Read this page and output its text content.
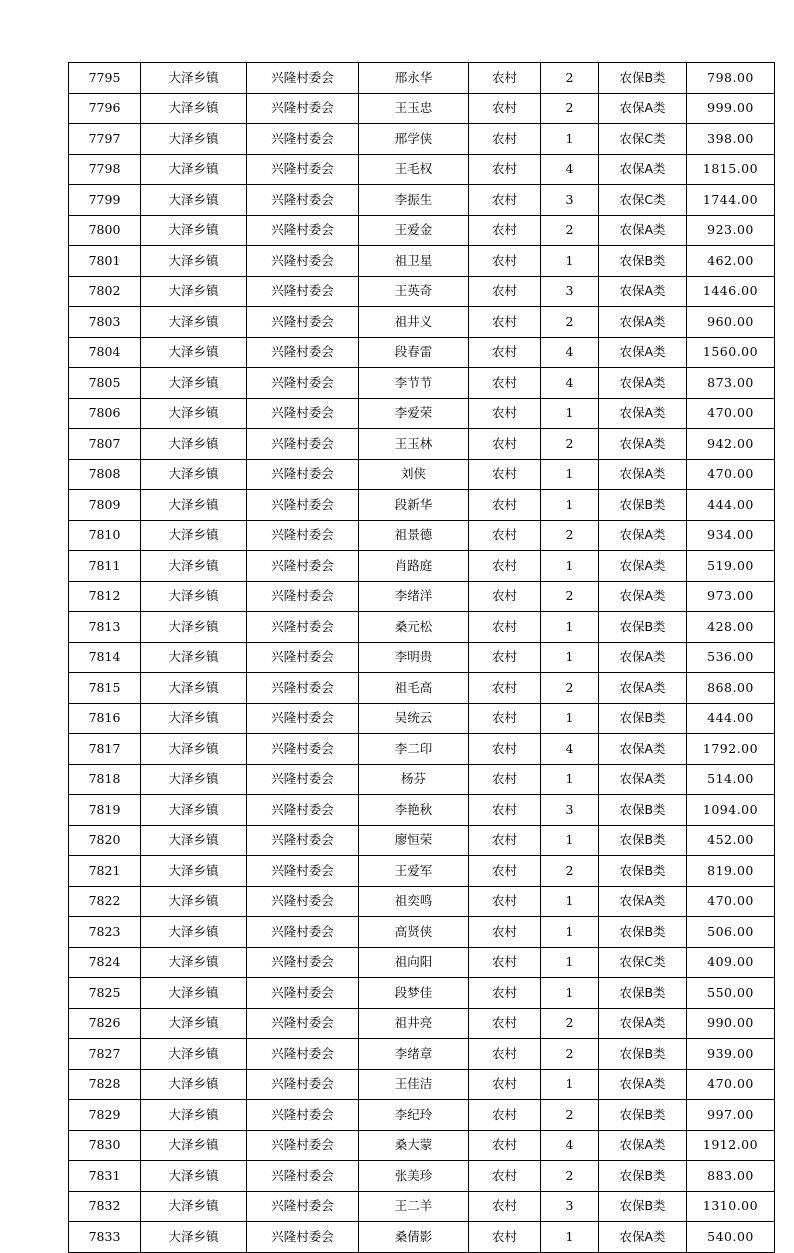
7795	大泽乡镇	兴隆村委会	邢永华	农村	2	农保B类	798.00
7796	大泽乡镇	兴隆村委会	王玉忠	农村	2	农保A类	999.00
7797	大泽乡镇	兴隆村委会	邢学侠	农村	1	农保C类	398.00
7798	大泽乡镇	兴隆村委会	王毛权	农村	4	农保A类	1815.00
7799	大泽乡镇	兴隆村委会	李振生	农村	3	农保C类	1744.00
7800	大泽乡镇	兴隆村委会	王爱金	农村	2	农保A类	923.00
7801	大泽乡镇	兴隆村委会	祖卫星	农村	1	农保B类	462.00
7802	大泽乡镇	兴隆村委会	王英奇	农村	3	农保A类	1446.00
7803	大泽乡镇	兴隆村委会	祖井义	农村	2	农保A类	960.00
7804	大泽乡镇	兴隆村委会	段春雷	农村	4	农保A类	1560.00
7805	大泽乡镇	兴隆村委会	李节节	农村	4	农保A类	873.00
7806	大泽乡镇	兴隆村委会	李爱荣	农村	1	农保A类	470.00
7807	大泽乡镇	兴隆村委会	王玉林	农村	2	农保A类	942.00
7808	大泽乡镇	兴隆村委会	刘侠	农村	1	农保A类	470.00
7809	大泽乡镇	兴隆村委会	段新华	农村	1	农保B类	444.00
7810	大泽乡镇	兴隆村委会	祖景德	农村	2	农保A类	934.00
7811	大泽乡镇	兴隆村委会	肖路庭	农村	1	农保A类	519.00
7812	大泽乡镇	兴隆村委会	李绪洋	农村	2	农保A类	973.00
7813	大泽乡镇	兴隆村委会	桑元松	农村	1	农保B类	428.00
7814	大泽乡镇	兴隆村委会	李明贵	农村	1	农保A类	536.00
7815	大泽乡镇	兴隆村委会	祖毛高	农村	2	农保A类	868.00
7816	大泽乡镇	兴隆村委会	吴统云	农村	1	农保B类	444.00
7817	大泽乡镇	兴隆村委会	李二印	农村	4	农保A类	1792.00
7818	大泽乡镇	兴隆村委会	杨芬	农村	1	农保A类	514.00
7819	大泽乡镇	兴隆村委会	李艳秋	农村	3	农保B类	1094.00
7820	大泽乡镇	兴隆村委会	廖恒荣	农村	1	农保B类	452.00
7821	大泽乡镇	兴隆村委会	王爱军	农村	2	农保B类	819.00
7822	大泽乡镇	兴隆村委会	祖奕鸣	农村	1	农保A类	470.00
7823	大泽乡镇	兴隆村委会	高贤侠	农村	1	农保B类	506.00
7824	大泽乡镇	兴隆村委会	祖向阳	农村	1	农保C类	409.00
7825	大泽乡镇	兴隆村委会	段梦佳	农村	1	农保B类	550.00
7826	大泽乡镇	兴隆村委会	祖井亮	农村	2	农保A类	990.00
7827	大泽乡镇	兴隆村委会	李绪章	农村	2	农保B类	939.00
7828	大泽乡镇	兴隆村委会	王佳洁	农村	1	农保A类	470.00
7829	大泽乡镇	兴隆村委会	李纪玲	农村	2	农保B类	997.00
7830	大泽乡镇	兴隆村委会	桑大蒙	农村	4	农保A类	1912.00
7831	大泽乡镇	兴隆村委会	张美珍	农村	2	农保B类	883.00
7832	大泽乡镇	兴隆村委会	王二羊	农村	3	农保B类	1310.00
7833	大泽乡镇	兴隆村委会	桑倩影	农村	1	农保A类	540.00
